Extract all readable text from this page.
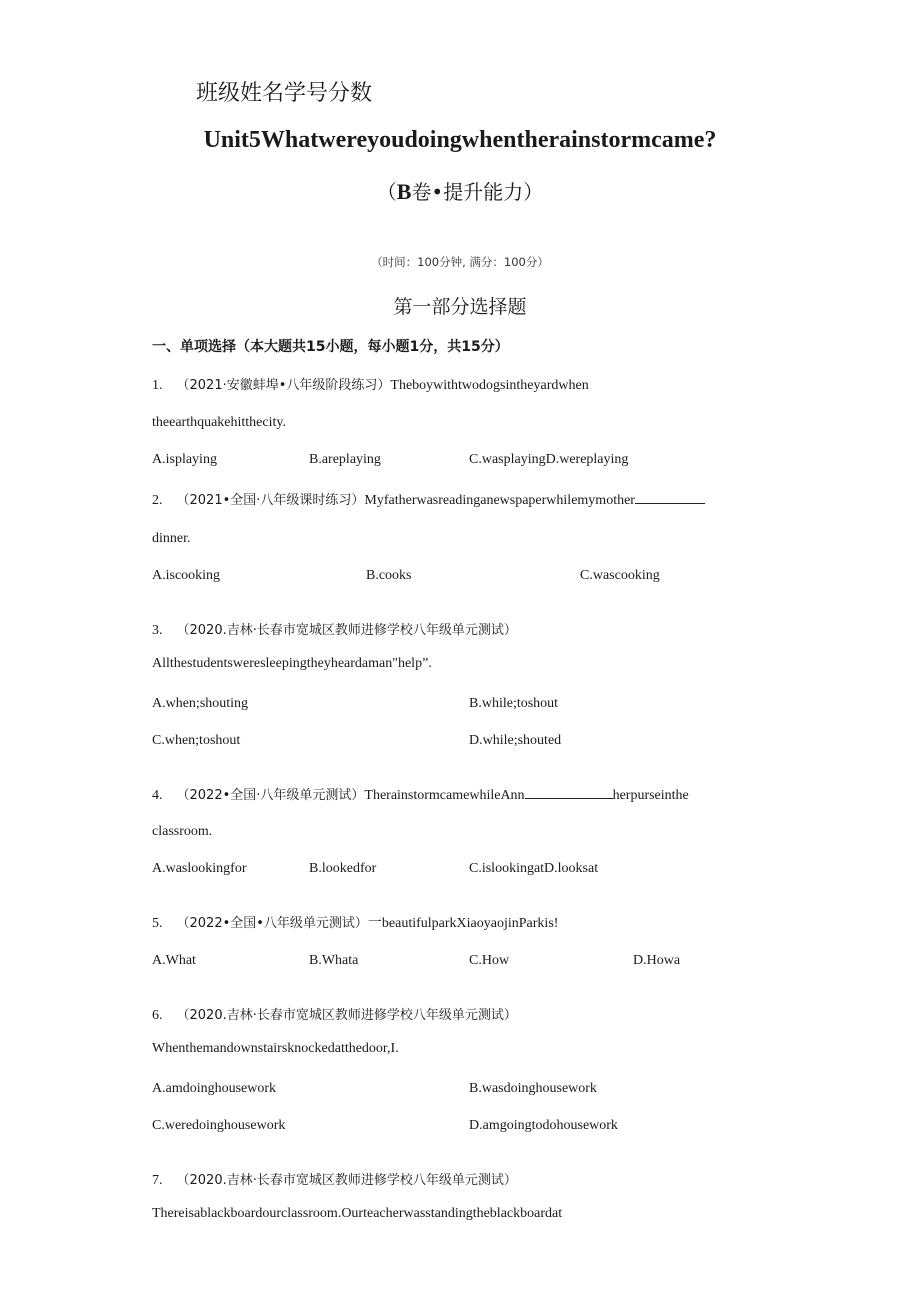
班级姓名学号分数
Unit5Whatwereyoudoingwhentherainstormcame?
（B卷•提升能力）
（时间：100分钟, 满分：100分）
第一部分选择题
一、单项选择（本大题共15小题，每小题1分，共15分）
1. （2021·安徽蚌埠•八年级阶段练习）Theboywithtwodogsintheyardwhen
theearthquakehitthecity.
A.isplaying	B.areplaying	C.wasplayingD.wereplaying
2. （2021•全国·八年级课时练习）Myfatherwasreadinganewspaperwhilemymother
dinner.
A.iscooking	B.cooks	C.wascooking
3. （2020.吉林·长春市宽城区教师进修学校八年级单元测试）
Allthestudentsweresleepingtheyheardaman"help”.
A.when;shouting	B.while;toshout
C.when;toshout	D.while;shouted
4. （2022•全国·八年级单元测试）TherainstormcamewhileAnn	herpurseinthe
classroom.
A.waslookingfor	B.lookedfor	C.islookingatD.looksat
5. （2022•全国•八年级单元测试）一beautifulparkXiaoyaojinParkis!
A.What	B.Whata	C.How	D.Howa
6. （2020.吉林·长春市宽城区教师进修学校八年级单元测试）
Whenthemandownstairsknockedatthedoor,I.
A.amdoinghousework	B.wasdoinghousework
C.weredoinghousework	D.amgoingtodohousework
7. （2020.吉林·长春市宽城区教师进修学校八年级单元测试）
Thereisablackboardourclassroom.Ourteacherwasstandingtheblackboardat
